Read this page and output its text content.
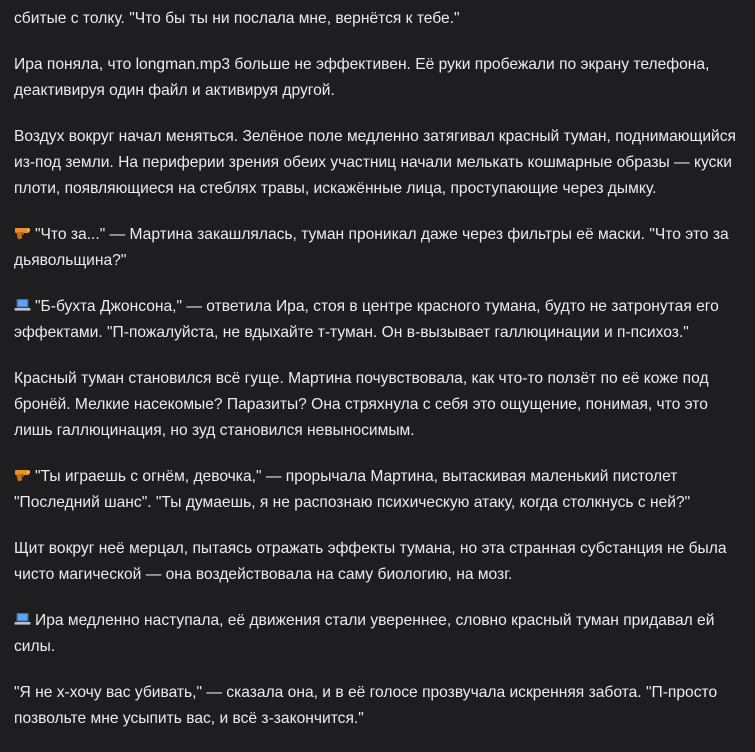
сбитые с толку. "Что бы ты ни послала мне, вернётся к тебе."

Ира поняла, что longman.mp3 больше не эффективен. Её руки пробежали по экрану телефона, деактивируя один файл и активируя другой.

Воздух вокруг начал меняться. Зелёное поле медленно затягивал красный туман, поднимающийся из-под земли. На периферии зрения обеих участниц начали мелькать кошмарные образы — куски плоти, появляющиеся на стеблях травы, искажённые лица, проступающие через дымку.

"Что за..." — Мартина закашлялась, туман проникал даже через фильтры её маски. "Что это за дьявольщина?"

"Б-бухта Джонсона," — ответила Ира, стоя в центре красного тумана, будто не затронутая его эффектами. "П-пожалуйста, не вдыхайте т-туман. Он в-вызывает галлюцинации и п-психоз."

Красный туман становился всё гуще. Мартина почувствовала, как что-то ползёт по её коже под бронёй. Мелкие насекомые? Паразиты? Она стряхнула с себя это ощущение, понимая, что это лишь галлюцинация, но зуд становился невыносимым.

"Ты играешь с огнём, девочка," — прорычала Мартина, вытаскивая маленький пистолет "Последний шанс". "Ты думаешь, я не распознаю психическую атаку, когда столкнусь с ней?"

Щит вокруг неё мерцал, пытаясь отражать эффекты тумана, но эта странная субстанция не была чисто магической — она воздействовала на саму биологию, на мозг.

Ира медленно наступала, её движения стали увереннее, словно красный туман придавал ей силы.

"Я не х-хочу вас убивать," — сказала она, и в её голосе прозвучала искренняя забота. "П-просто позвольте мне усыпить вас, и всё з-закончится."
